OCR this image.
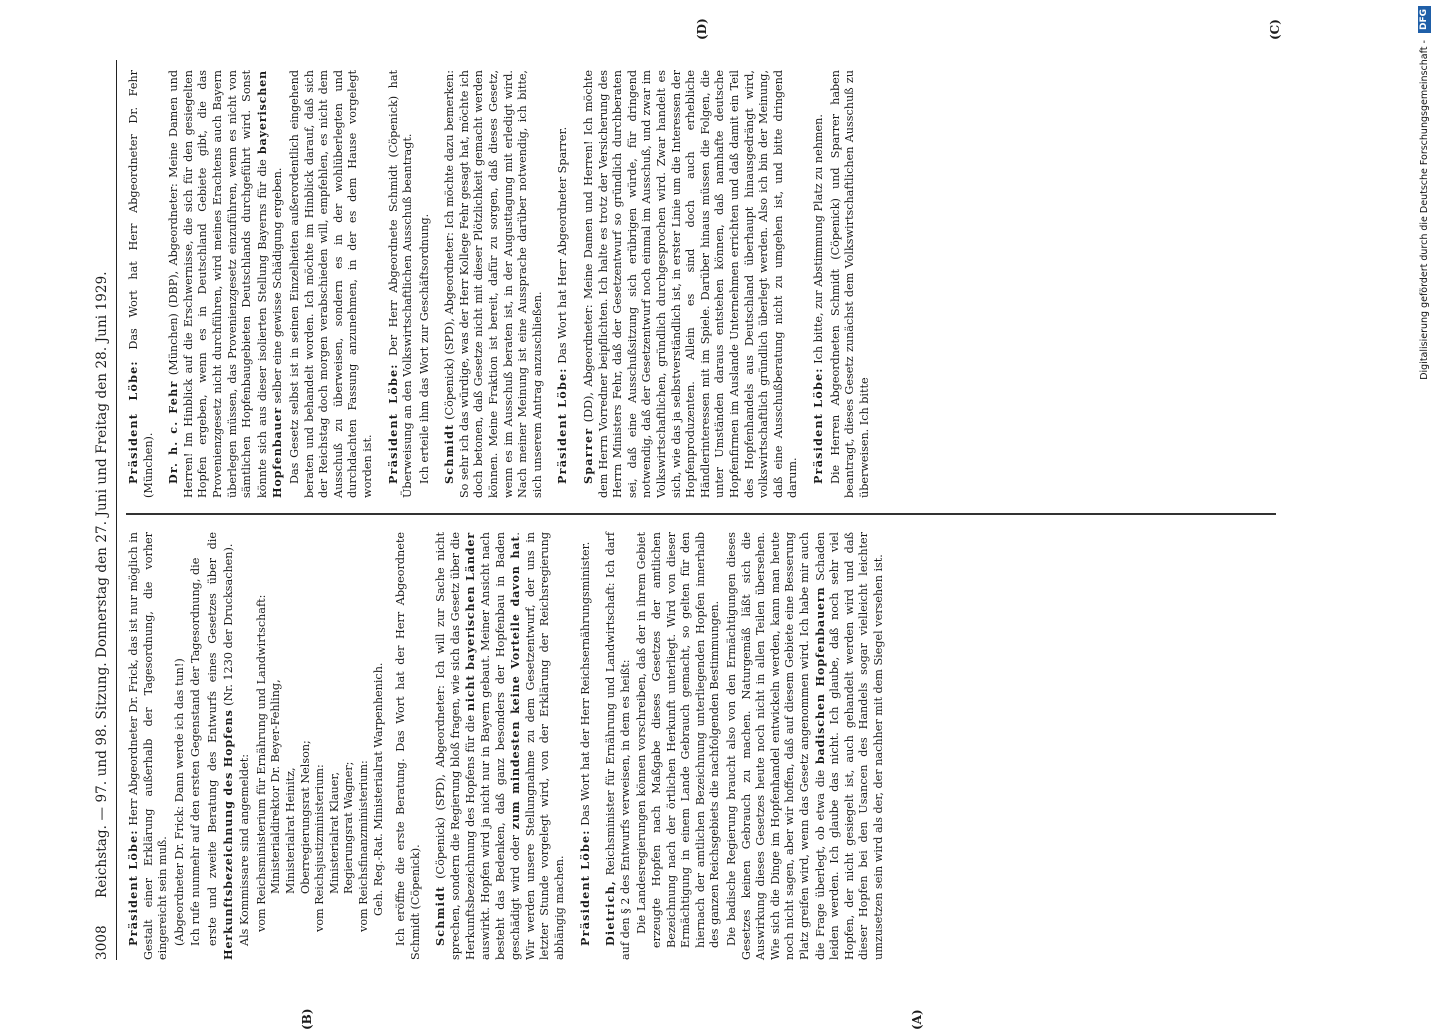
3008
Reichstag. — 97. und 98. Sitzung. Donnerstag den 27. Juni und Freitag den 28. Juni 1929.
(A)
(B)
(C)
(D)

Präsident Löbe: Herr Abgeordneter Dr. Frick, das ist nur möglich in Gestalt einer Erklärung außerhalb der Tagesordnung, die vorher eingereicht sein muß. (Abgeordneter Dr. Frick: Dann werde ich das tun!) Ich rufe nunmehr auf den ersten Gegenstand der Tagesordnung, die erste und zweite Beratung des Entwurfs eines Gesetzes über die Herkunftsbezeichnung des Hopfens (Nr. 1230 der Drucksachen).

Als Kommissare sind angemeldet: vom Reichsministerium für Ernährung und Landwirtschaft: Ministerialdirektor Dr. Beyer-Fehling, Ministerialrat Heinitz, Oberregierungsrat Nelson; vom Reichsjustizministerium: Ministerialrat Klauer, Regierungsrat Wagner; vom Reichsfinanzministerium: Geh. Reg.-Rat. Ministerialrat Warpenhenich. Ich eröffne die erste Beratung. Das Wort hat der Herr Abgeordnete Schmidt (Cöpenick). Schmidt (Cöpenick) (SPD), Abgeordneter: Ich will zur Sache nicht sprechen, sondern die Regierung bloß fragen, wie sich das Gesetz über die Herkunftsbezeichnung des Hopfens für die nicht bayerischen Länder auswirkt. Hopfen wird ja nicht nur in Bayern gebaut. Meiner Ansicht nach besteht das Bedenken, daß ganz besonders der Hopfenbau in Baden geschädigt wird oder zum mindesten keine Vorteile davon hat. Wir werden unsere Stellungnahme zu dem Gesetzentwurf, der uns in letzter Stunde vorgelegt wird, von der Erklärung der Reichsregierung abhängig machen. Präsident Löbe: Das Wort hat der Herr Reichsernährungsminister.

Dietrich, Reichsminister für Ernährung und Landwirtschaft: Ich darf auf den § 2 des Entwurfs verweisen, in dem es heißt: Die Landesregierungen können vorschreiben, daß der in ihrem Gebiet erzeugte Hopfen nach Maßgabe dieses Gesetzes der amtlichen Bezeichnung nach der örtlichen Herkunft unterliegt. Wird von dieser Ermächtigung in einem Lande Gebrauch gemacht, so gelten für den hiernach der amtlichen Bezeichnung unterliegenden Hopfen innerhalb des ganzen Reichsgebiets die nachfolgenden Bestimmungen. Die badische Regierung braucht also von den Ermächtigungen dieses Gesetzes keinen Gebrauch zu machen. Naturgemäß läßt sich die Auswirkung dieses Gesetzes heute noch nicht in allen Teilen übersehen. Wie sich die Dinge im Hopfenhandel entwickeln werden, kann man heute noch nicht sagen, aber wir hoffen, daß auf diesem Gebiete eine Besserung Platz greifen wird, wenn das Gesetz angenommen wird. Ich habe mir auch die Frage überlegt, ob etwa die badischen Hopfenbauern Schaden leiden werden. Ich glaube das nicht. Ich glaube, daß noch sehr viel Hopfen, der nicht gesiegelt ist, auch gehandelt werden wird und daß dieser Hopfen bei den Usancen des Handels sogar vielleicht leichter umzusetzen sein wird als der, der nachher mit dem Siegel versehen ist.

Präsident Löbe: Das Wort hat Herr Abgeordneter Dr. Fehr (München). Dr. h. c. Fehr (München) (DBP), Abgeordneter: Meine Damen und Herren! Im Hinblick auf die Erschwernisse, die sich für den gesiegelten Hopfen ergeben, wenn es in Deutschland Gebiete gibt, die das Provenienzgesetz nicht durchführen, wird meines Erachtens auch Bayern überlegen müssen, das Provenienzgesetz einzuführen, wenn es nicht von sämtlichen Hopfenbaugebieten Deutschlands durchgeführt wird. Sonst könnte sich aus dieser isolierten Stellung Bayerns für die bayerischen Hopfenbauer selber eine gewisse Schädigung ergeben. Das Gesetz selbst ist in seinen Einzelheiten außerordentlich eingehend beraten und behandelt worden. Ich möchte im Hinblick darauf, daß sich der Reichstag doch morgen verabschieden will, empfehlen, es nicht dem Ausschuß zu überweisen, sondern es in der wohlüberlegten und durchdachten Fassung anzunehmen, in der es dem Hause vorgelegt worden ist. Präsident Löbe: Der Herr Abgeordnete Schmidt (Cöpenick) hat Überweisung an den Volkswirtschaftlichen Ausschuß beantragt. Ich erteile ihm das Wort zur Geschäftsordnung. Schmidt (Cöpenick) (SPD), Abgeordneter: Ich möchte dazu bemerken: So sehr ich das würdige, was der Herr Kollege Fehr gesagt hat, möchte ich doch betonen, daß Gesetze nicht mit dieser Plötzlichkeit gemacht werden können. Meine Fraktion ist bereit, dafür zu sorgen, daß dieses Gesetz, wenn es im Ausschuß beraten ist, in der Augusttagung mit erledigt wird. Nach meiner Meinung ist eine Aussprache darüber notwendig, ich bitte, sich unserem Antrag anzuschließen. Präsident Löbe: Das Wort hat Herr Abgeordneter Sparrer.

Sparrer (DD), Abgeordneter: Meine Damen und Herren! Ich möchte dem Herrn Vorredner beipflichten. Ich halte es trotz der Versicherung des Herrn Ministers Fehr, daß der Gesetzentwurf so gründlich durchberaten sei, daß eine Ausschußsitzung sich erübrigen würde, für dringend notwendig, daß der Gesetzentwurf noch einmal im Ausschuß, und zwar im Volkswirtschaftlichen, gründlich durchgesprochen wird. Zwar handelt es sich, wie das ja selbstverständlich ist, in erster Linie um die Interessen der Hopfenproduzenten. Allein es sind doch auch erhebliche Händlerinteressen mit im Spiele. Darüber hinaus müssen die Folgen, die unter Umständen daraus entstehen können, daß namhafte deutsche Hopfenfirmen im Auslande Unternehmen errichten und daß damit ein Teil des Hopfenhandels aus Deutschland überhaupt hinausgedrängt wird, volkswirtschaftlich gründlich überlegt werden. Also ich bin der Meinung, daß eine Ausschußberatung nicht zu umgehen ist, und bitte dringend darum. Präsident Löbe: Ich bitte, zur Abstimmung Platz zu nehmen. Die Herren Abgeordneten Schmidt (Cöpenick) und Sparrer haben beantragt, dieses Gesetz zunächst dem Volkswirtschaftlichen Ausschuß zu überweisen. Ich bitte

Digitalisierung gefördert durch die Deutsche Forschungsgemeinschaft - DFG
